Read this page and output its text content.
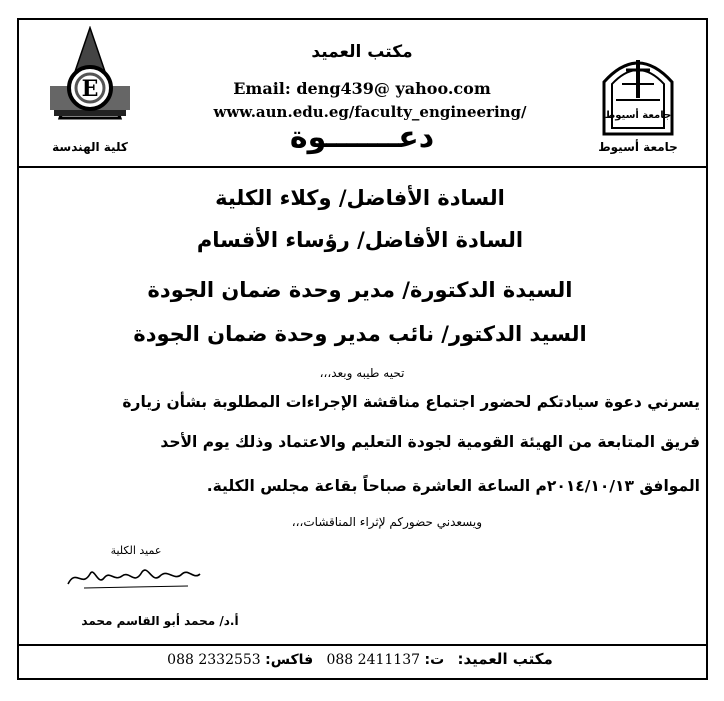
E
كلية الهندسة
جامعة أسيوط
جامعة أسيوط
مكتب العميد
Email: deng439@ yahoo.com
www.aun.edu.eg/faculty_engineering/
دعـــــــوة
السادة الأفاضل/ وكلاء الكلية
السادة الأفاضل/ رؤساء الأقسام
السيدة الدكتورة/ مدير وحدة ضمان الجودة
السيد الدكتور/ نائب مدير وحدة ضمان الجودة
تحيه طيبه وبعد،،،
يسرني دعوة سيادتكم لحضور اجتماع مناقشة الإجراءات المطلوبة بشأن زيارة
فريق المتابعة من الهيئة القومية لجودة التعليم والاعتماد وذلك يوم الأحد
الموافق ٢٠١٤/١٠/١٣م الساعة العاشرة صباحاً بقاعة مجلس الكلية.
ويسعدني حضوركم لإثراء المناقشات،،،
عميد الكلية
أ.د/ محمد أبو القاسم محمد
مكتب العميد:   ت: 088 2411137   فاكس: 088 2332553
